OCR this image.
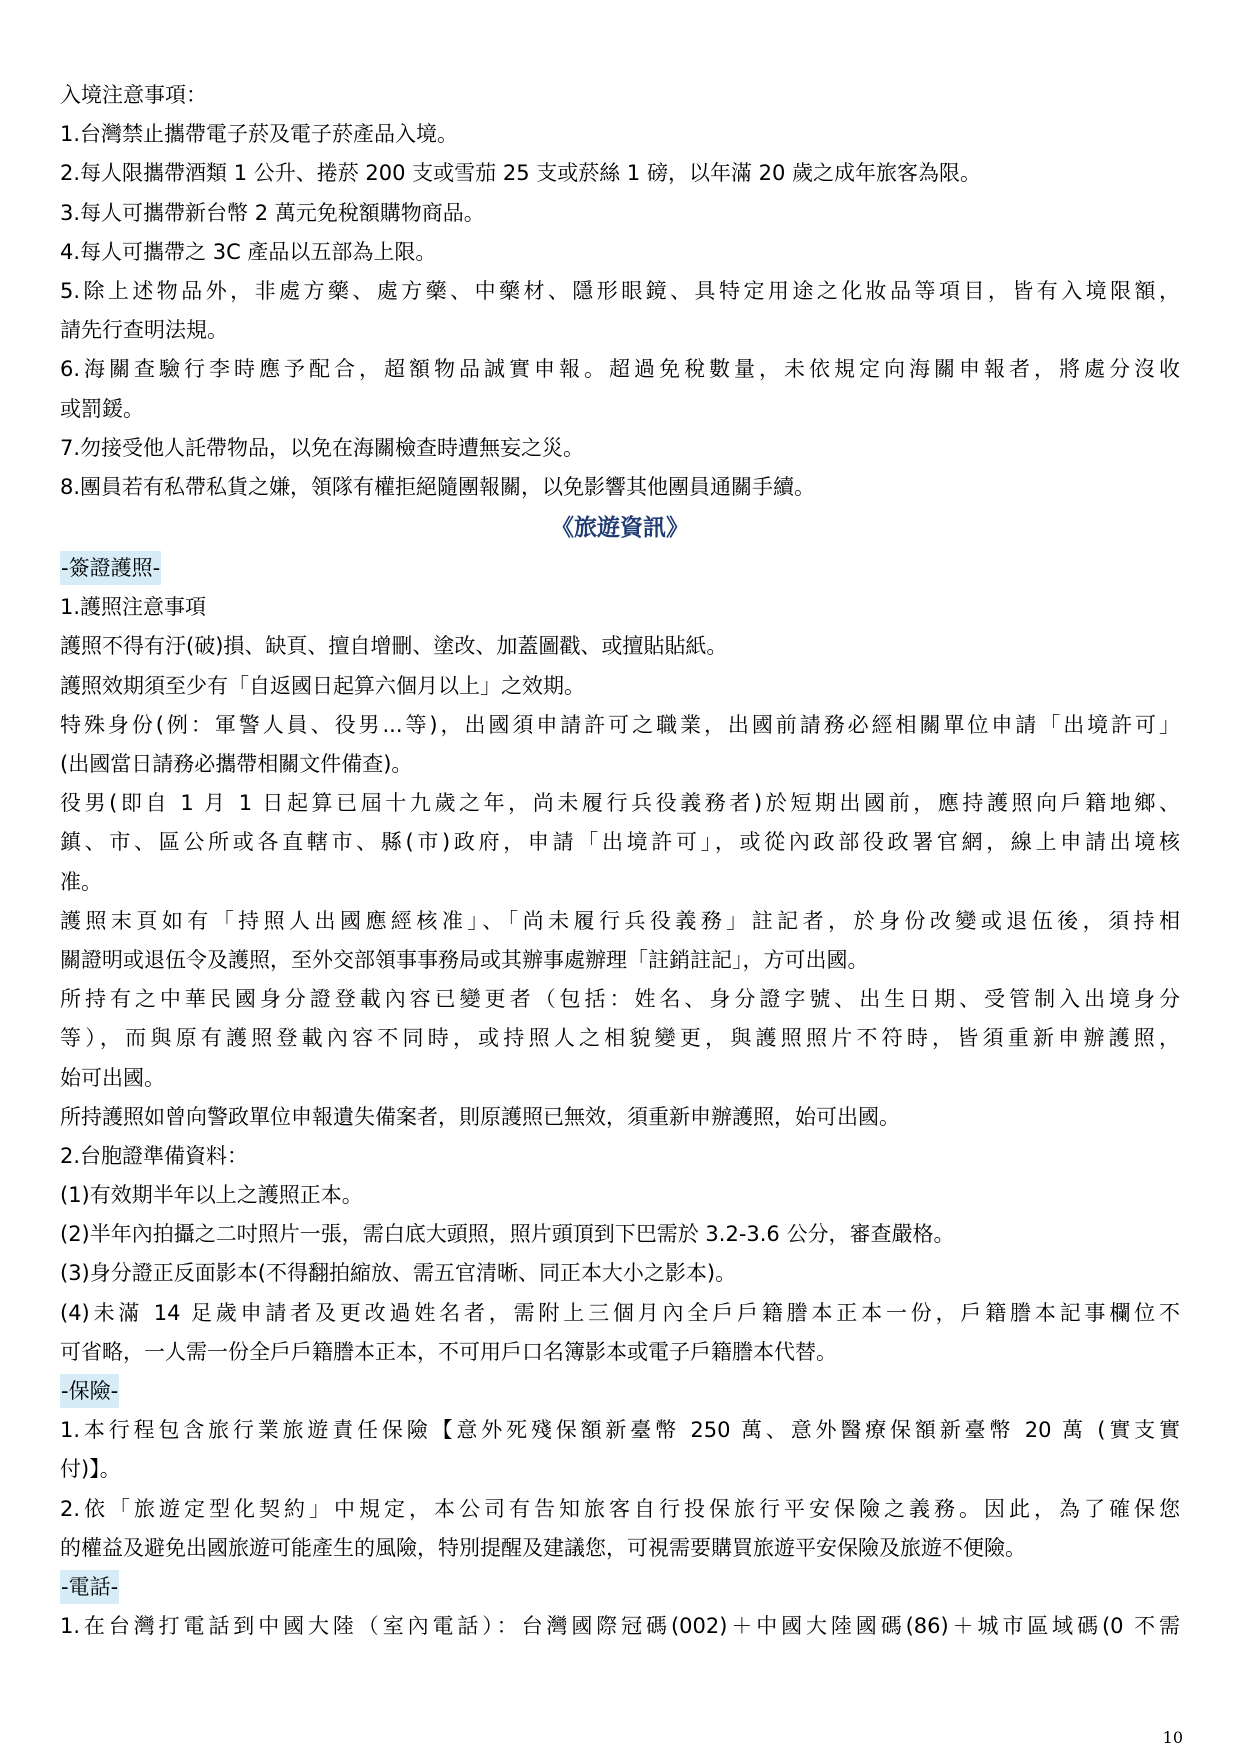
入境注意事項：
1.台灣禁止攜帶電子菸及電子菸產品入境。
2.每人限攜帶酒類 1 公升、捲菸 200 支或雪茄 25 支或菸絲 1 磅，以年滿 20 歲之成年旅客為限。
3.每人可攜帶新台幣 2 萬元免稅額購物商品。
4.每人可攜帶之 3C 產品以五部為上限。
5.除上述物品外，非處方藥、處方藥、中藥材、隱形眼鏡、具特定用途之化妝品等項目，皆有入境限額，
請先行查明法規。
6.海關查驗行李時應予配合，超額物品誠實申報。超過免稅數量，未依規定向海關申報者，將處分沒收
或罰鍰。
7.勿接受他人託帶物品，以免在海關檢查時遭無妄之災。
8.團員若有私帶私貨之嫌，領隊有權拒絕隨團報關，以免影響其他團員通關手續。
《旅遊資訊》
-簽證護照-
1.護照注意事項
護照不得有汙(破)損、缺頁、擅自增刪、塗改、加蓋圖戳、或擅貼貼紙。
護照效期須至少有「自返國日起算六個月以上」之效期。
特殊身份(例：軍警人員、役男...等)，出國須申請許可之職業，出國前請務必經相關單位申請「出境許可」
(出國當日請務必攜帶相關文件備查)。
役男(即自 1 月 1 日起算已屆十九歲之年，尚未履行兵役義務者)於短期出國前，應持護照向戶籍地鄉、
鎮、市、區公所或各直轄市、縣(市)政府，申請「出境許可」，或從內政部役政署官網，線上申請出境核
准。
護照末頁如有「持照人出國應經核准」、「尚未履行兵役義務」註記者，於身份改變或退伍後，須持相
關證明或退伍令及護照，至外交部領事事務局或其辦事處辦理「註銷註記」，方可出國。
所持有之中華民國身分證登載內容已變更者（包括：姓名、身分證字號、出生日期、受管制入出境身分
等），而與原有護照登載內容不同時，或持照人之相貌變更，與護照照片不符時，皆須重新申辦護照，
始可出國。
所持護照如曾向警政單位申報遺失備案者，則原護照已無效，須重新申辦護照，始可出國。
2.台胞證準備資料：
(1)有效期半年以上之護照正本。
(2)半年內拍攝之二吋照片一張，需白底大頭照，照片頭頂到下巴需於 3.2-3.6 公分，審查嚴格。
(3)身分證正反面影本(不得翻拍縮放、需五官清晰、同正本大小之影本)。
(4)未滿 14 足歲申請者及更改過姓名者，需附上三個月內全戶戶籍謄本正本一份，戶籍謄本記事欄位不
可省略，一人需一份全戶戶籍謄本正本，不可用戶口名簿影本或電子戶籍謄本代替。
-保險-
1.本行程包含旅行業旅遊責任保險【意外死殘保額新臺幣 250 萬、意外醫療保額新臺幣 20 萬 (實支實
付)】。
2.依「旅遊定型化契約」中規定，本公司有告知旅客自行投保旅行平安保險之義務。因此，為了確保您
的權益及避免出國旅遊可能產生的風險，特別提醒及建議您，可視需要購買旅遊平安保險及旅遊不便險。
-電話-
1.在台灣打電話到中國大陸（室內電話）：台灣國際冠碼(002)＋中國大陸國碼(86)＋城市區域碼(0 不需
10
